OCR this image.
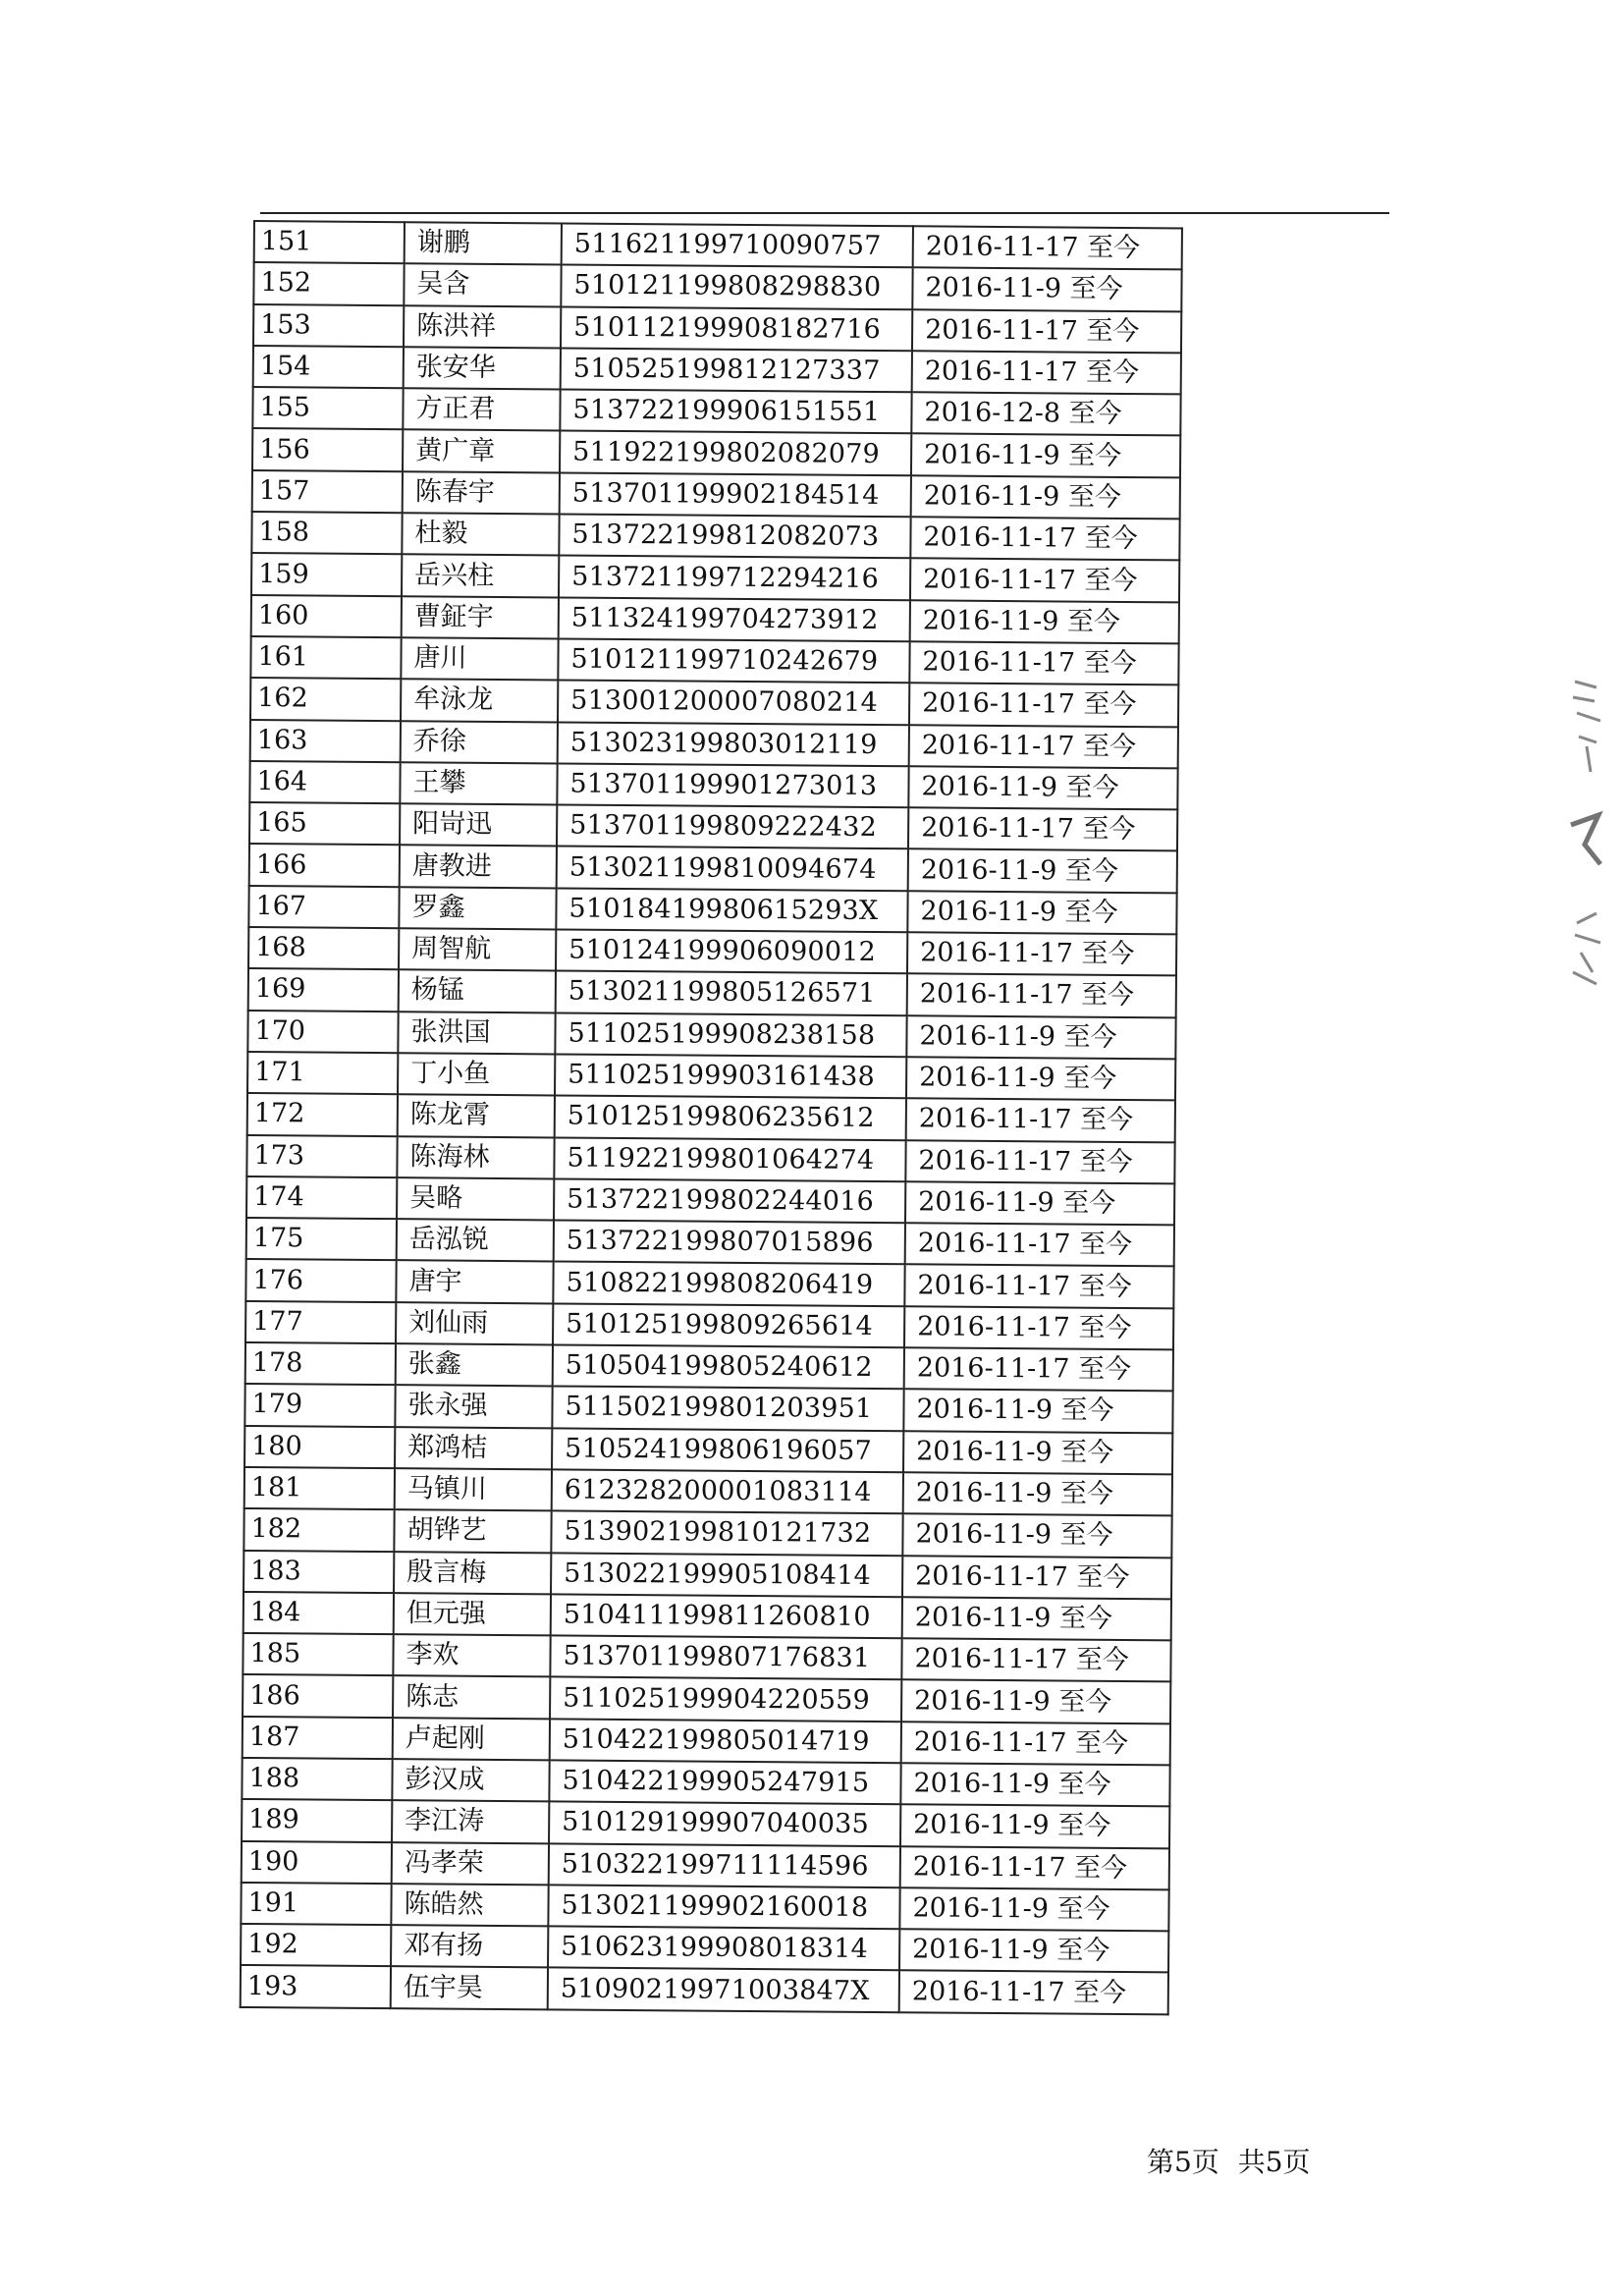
151	谢鹏	511621199710090757	2016-11-17 至今
152	吴含	510121199808298830	2016-11-9 至今
153	陈洪祥	510112199908182716	2016-11-17 至今
154	张安华	510525199812127337	2016-11-17 至今
155	方正君	513722199906151551	2016-12-8 至今
156	黄广章	511922199802082079	2016-11-9 至今
157	陈春宇	513701199902184514	2016-11-9 至今
158	杜毅	513722199812082073	2016-11-17 至今
159	岳兴柱	513721199712294216	2016-11-17 至今
160	曹鉦宇	511324199704273912	2016-11-9 至今
161	唐川	510121199710242679	2016-11-17 至今
162	牟泳龙	513001200007080214	2016-11-17 至今
163	乔徐	513023199803012119	2016-11-17 至今
164	王攀	513701199901273013	2016-11-9 至今
165	阳岢迅	513701199809222432	2016-11-17 至今
166	唐教进	513021199810094674	2016-11-9 至今
167	罗鑫	51018419980615293X	2016-11-9 至今
168	周智航	510124199906090012	2016-11-17 至今
169	杨锰	513021199805126571	2016-11-17 至今
170	张洪国	511025199908238158	2016-11-9 至今
171	丁小鱼	511025199903161438	2016-11-9 至今
172	陈龙霄	510125199806235612	2016-11-17 至今
173	陈海林	511922199801064274	2016-11-17 至今
174	吴略	513722199802244016	2016-11-9 至今
175	岳泓锐	513722199807015896	2016-11-17 至今
176	唐宇	510822199808206419	2016-11-17 至今
177	刘仙雨	510125199809265614	2016-11-17 至今
178	张鑫	510504199805240612	2016-11-17 至今
179	张永强	511502199801203951	2016-11-9 至今
180	郑鸿桔	510524199806196057	2016-11-9 至今
181	马镇川	612328200001083114	2016-11-9 至今
182	胡铧艺	513902199810121732	2016-11-9 至今
183	殷言梅	513022199905108414	2016-11-17 至今
184	但元强	510411199811260810	2016-11-9 至今
185	李欢	513701199807176831	2016-11-17 至今
186	陈志	511025199904220559	2016-11-9 至今
187	卢起刚	510422199805014719	2016-11-17 至今
188	彭汉成	510422199905247915	2016-11-9 至今
189	李江涛	510129199907040035	2016-11-9 至今
190	冯孝荣	510322199711114596	2016-11-17 至今
191	陈皓然	513021199902160018	2016-11-9 至今
192	邓有扬	510623199908018314	2016-11-9 至今
193	伍宇昊	51090219971003847X	2016-11-17 至今
第5页 共5页
